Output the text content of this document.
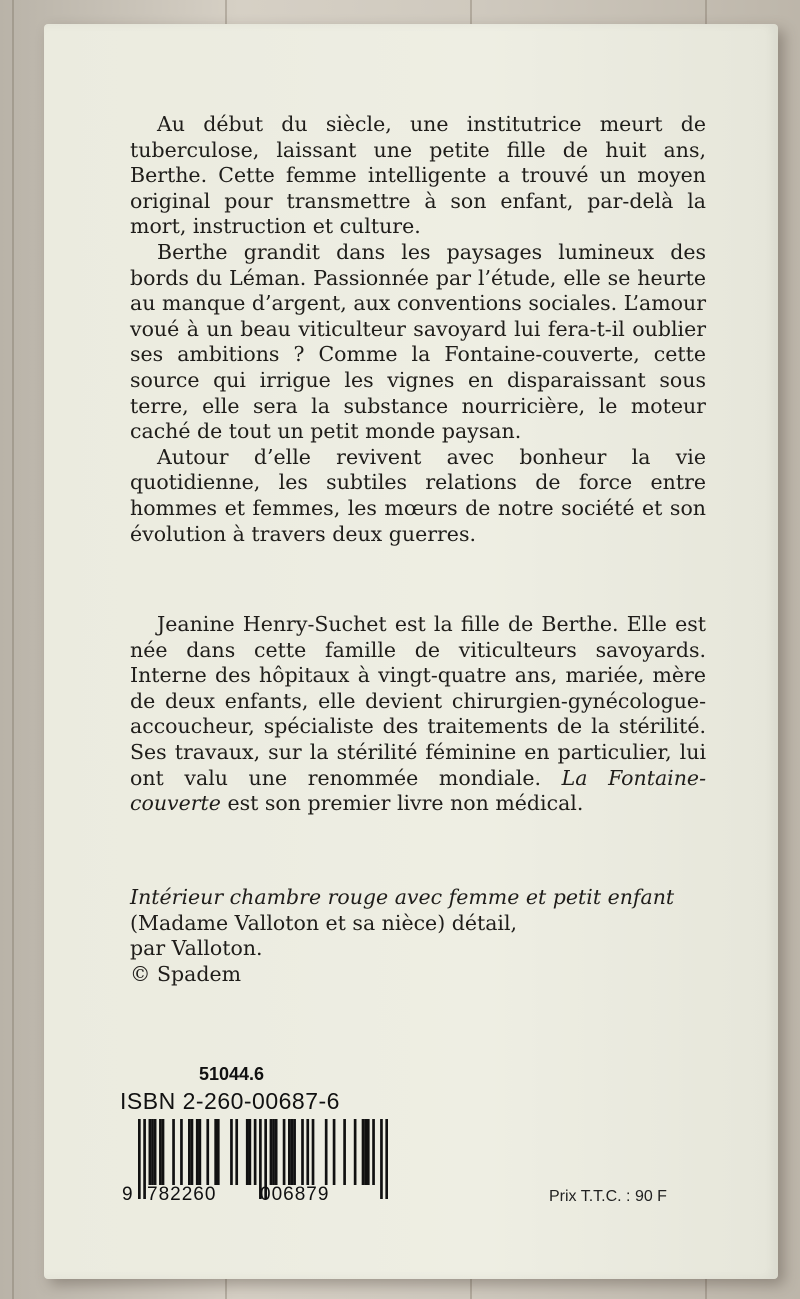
Au début du siècle, une institutrice meurt de tuberculose, laissant une petite fille de huit ans, Berthe. Cette femme intelligente a trouvé un moyen original pour transmettre à son enfant, par-delà la mort, instruction et culture.

Berthe grandit dans les paysages lumineux des bords du Léman. Passionnée par l’étude, elle se heurte au manque d’argent, aux conventions sociales. L’amour voué à un beau viticulteur savoyard lui fera-t-il oublier ses ambitions ? Comme la Fontaine-couverte, cette source qui irrigue les vignes en disparaissant sous terre, elle sera la substance nourricière, le moteur caché de tout un petit monde paysan.

Autour d’elle revivent avec bonheur la vie quotidienne, les subtiles relations de force entre hommes et femmes, les mœurs de notre société et son évolution à travers deux guerres.

Jeanine Henry-Suchet est la fille de Berthe. Elle est née dans cette famille de viticulteurs savoyards. Interne des hôpitaux à vingt-quatre ans, mariée, mère de deux enfants, elle devient chirurgien-gynécologue-accoucheur, spécialiste des traitements de la stérilité. Ses travaux, sur la stérilité féminine en particulier, lui ont valu une renommée mondiale. La Fontaine-couverte est son premier livre non médical.

Intérieur chambre rouge avec femme et petit enfant
(Madame Valloton et sa nièce) détail,
par Valloton.
© Spadem
51044.6
ISBN 2-260-00687-6
9 782260 006879	Prix T.T.C. : 90 F
